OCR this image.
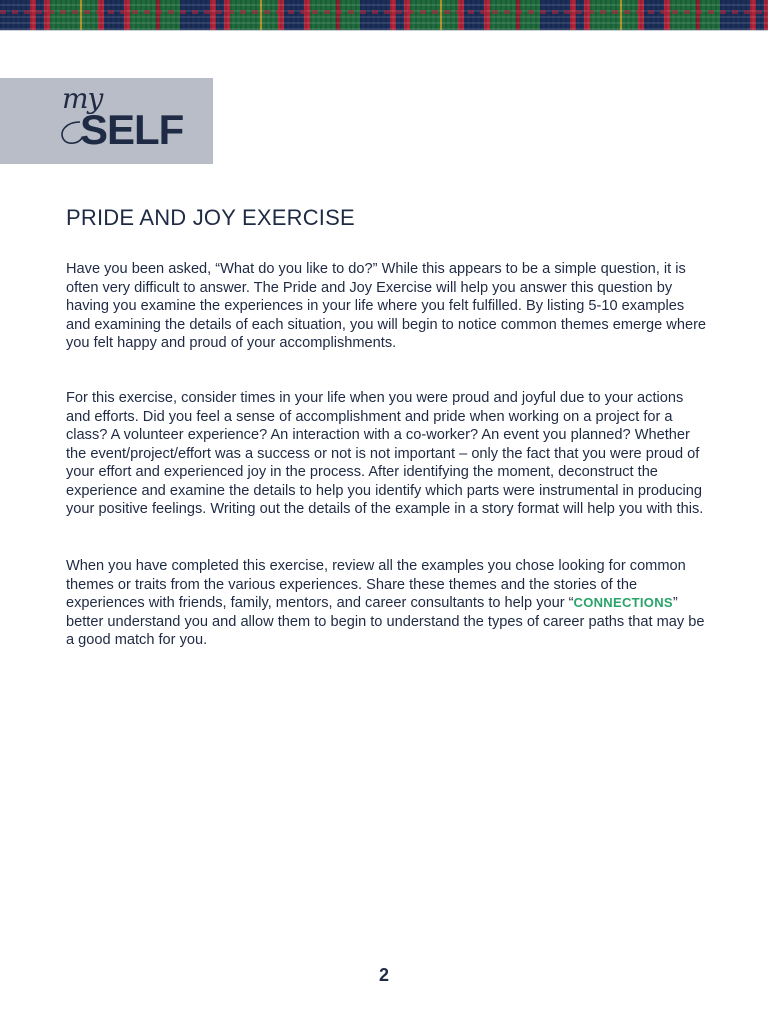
my
SELF
PRIDE AND JOY EXERCISE

Have you been asked, “What do you like to do?” While this appears to be a simple question, it is often very difficult to answer. The Pride and Joy Exercise will help you answer this question by having you examine the experiences in your life where you felt fulfilled. By listing 5-10 examples and examining the details of each situation, you will begin to notice common themes emerge where you felt happy and proud of your accomplishments.

For this exercise, consider times in your life when you were proud and joyful due to your actions and efforts. Did you feel a sense of accomplishment and pride when working on a project for a class? A volunteer experience? An interaction with a co-worker? An event you planned? Whether the event/project/effort was a success or not is not important – only the fact that you were proud of your effort and experienced joy in the process. After identifying the moment, deconstruct the experience and examine the details to help you identify which parts were instrumental in producing your positive feelings. Writing out the details of the example in a story format will help you with this.

When you have completed this exercise, review all the examples you chose looking for common themes or traits from the various experiences. Share these themes and the stories of the experiences with friends, family, mentors, and career consultants to help your “CONNECTIONS” better understand you and allow them to begin to understand the types of career paths that may be a good match for you.

2
